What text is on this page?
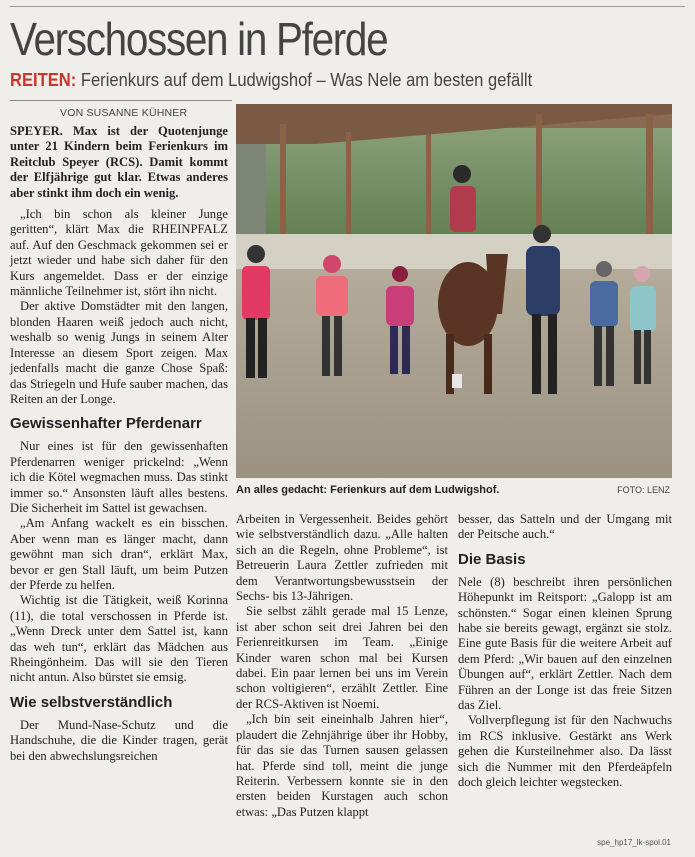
Verschossen in Pferde
REITEN: Ferienkurs auf dem Ludwigshof – Was Nele am besten gefällt
VON SUSANNE KÜHNER

SPEYER. Max ist der Quotenjunge unter 21 Kindern beim Ferienkurs im Reitclub Speyer (RCS). Damit kommt der Elfjährige gut klar. Etwas anderes aber stinkt ihm doch ein wenig.

„Ich bin schon als kleiner Junge geritten“, klärt Max die RHEINPFALZ auf. Auf den Geschmack gekommen sei er jetzt wieder und habe sich daher für den Kurs angemeldet. Dass er der einzige männliche Teilnehmer ist, stört ihn nicht.

Der aktive Domstädter mit den langen, blonden Haaren weiß jedoch auch nicht, weshalb so wenig Jungs in seinem Alter Interesse an diesem Sport zeigen. Max jedenfalls macht die ganze Chose Spaß: das Striegeln und Hufe sauber machen, das Reiten an der Longe.

Gewissenhafter Pferdenarr

Nur eines ist für den gewissenhaften Pferdenarren weniger prickelnd: „Wenn ich die Kötel wegmachen muss. Das stinkt immer so.“ Ansonsten läuft alles bestens. Die Sicherheit im Sattel ist gewachsen.

„Am Anfang wackelt es ein bisschen. Aber wenn man es länger macht, dann gewöhnt man sich dran“, erklärt Max, bevor er gen Stall läuft, um beim Putzen der Pferde zu helfen.

Wichtig ist die Tätigkeit, weiß Korinna (11), die total verschossen in Pferde ist. „Wenn Dreck unter dem Sattel ist, kann das weh tun“, erklärt das Mädchen aus Rheingönheim. Das will sie den Tieren nicht antun. Also bürstet sie emsig.

Wie selbstverständlich

Der Mund-Nase-Schutz und die Handschuhe, die die Kinder tragen, gerät bei den abwechslungsreichen

An alles gedacht: Ferienkurs auf dem Ludwigshof.	FOTO: LENZ

Arbeiten in Vergessenheit. Beides gehört wie selbstverständlich dazu. „Alle halten sich an die Regeln, ohne Probleme“, ist Betreuerin Laura Zettler zufrieden mit dem Verantwortungsbewusstsein der Sechs- bis 13-Jährigen.

Sie selbst zählt gerade mal 15 Lenze, ist aber schon seit drei Jahren bei den Ferienreitkursen im Team. „Einige Kinder waren schon mal bei Kursen dabei. Ein paar lernen bei uns im Verein schon voltigieren“, erzählt Zettler. Eine der RCS-Aktiven ist Noemi.

„Ich bin seit eineinhalb Jahren hier“, plaudert die Zehnjährige über ihr Hobby, für das sie das Turnen sausen gelassen hat. Pferde sind toll, meint die junge Reiterin. Verbessern konnte sie in den ersten beiden Kurstagen auch schon etwas: „Das Putzen klappt

besser, das Satteln und der Umgang mit der Peitsche auch.“

Die Basis

Nele (8) beschreibt ihren persönlichen Höhepunkt im Reitsport: „Galopp ist am schönsten.“ Sogar einen kleinen Sprung habe sie bereits gewagt, ergänzt sie stolz. Eine gute Basis für die weitere Arbeit auf dem Pferd: „Wir bauen auf den einzelnen Übungen auf“, erklärt Zettler. Nach dem Führen an der Longe ist das freie Sitzen das Ziel.

Vollverpflegung ist für den Nachwuchs im RCS inklusive. Gestärkt ans Werk gehen die Kursteilnehmer also. Da lässt sich die Nummer mit den Pferdeäpfeln doch gleich leichter wegstecken.

spe_hp17_lk-spol.01
